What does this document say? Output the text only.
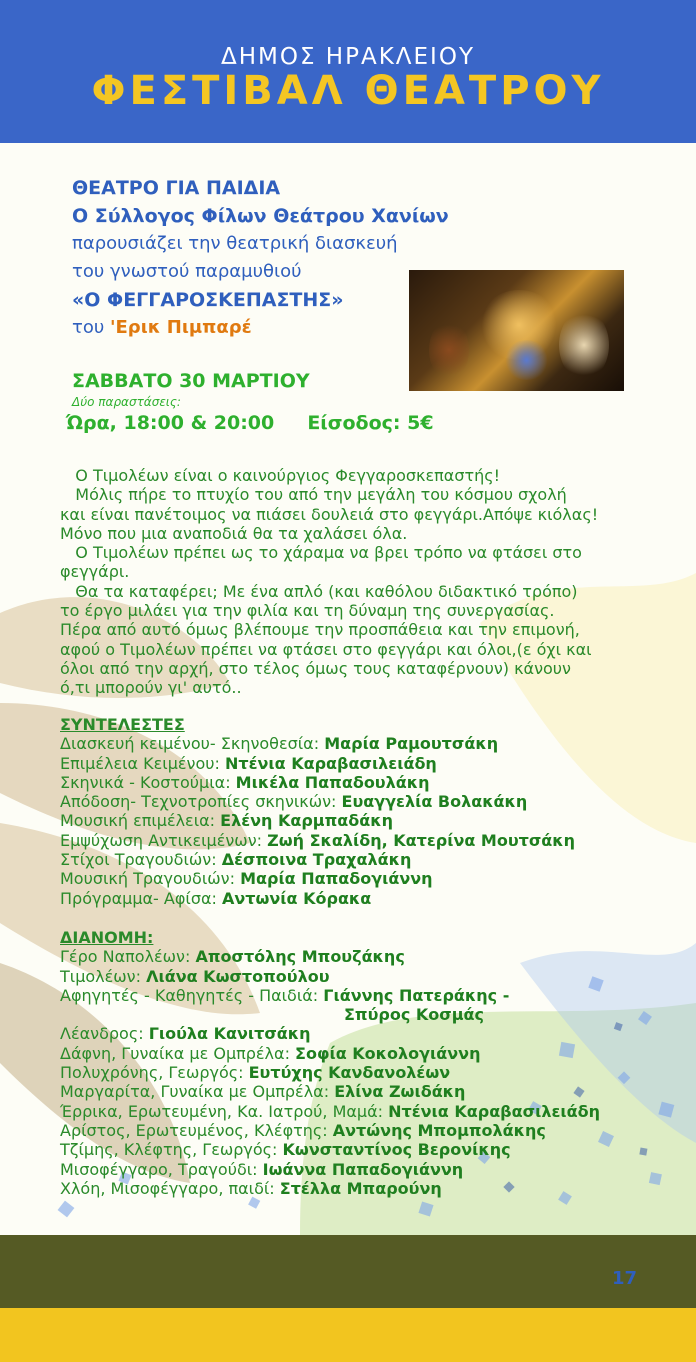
ΔΗΜΟΣ ΗΡΑΚΛΕΙΟΥ
ΦΕΣΤΙΒΑΛ ΘΕΑΤΡΟΥ
ΘΕΑΤΡΟ ΓΙΑ ΠΑΙΔΙΑ
Ο Σύλλογος Φίλων Θεάτρου Χανίων
παρουσιάζει την θεατρική διασκευή
του γνωστού παραμυθιού
«Ο ΦΕΓΓΑΡΟΣΚΕΠΑΣΤΗΣ»
του 'Ερικ Πιμπαρέ
ΣΑΒΒΑΤΟ 30 ΜΑΡΤΙΟΥ
Δύο παραστάσεις:
Ώρα, 18:00 & 20:00 Είσοδος: 5€

Ο Τιμολέων είναι ο καινούργιος Φεγγαροσκεπαστής!

Μόλις πήρε το πτυχίο του από την μεγάλη του κόσμου σχολή

και είναι πανέτοιμος να πιάσει δουλειά στο φεγγάρι.Απόψε κιόλας!

Μόνο που μια αναποδιά θα τα χαλάσει όλα.

Ο Τιμολέων πρέπει ως το χάραμα να βρει τρόπο να φτάσει στο

φεγγάρι.

Θα τα καταφέρει; Με ένα απλό (και καθόλου διδακτικό τρόπο)

το έργο μιλάει για την φιλία και τη δύναμη της συνεργασίας.

Πέρα από αυτό όμως βλέπουμε την προσπάθεια και την επιμονή,

αφού ο Τιμολέων πρέπει να φτάσει στο φεγγάρι και όλοι,(ε όχι και

όλοι από την αρχή, στο τέλος όμως τους καταφέρνουν) κάνουν

ό,τι μπορούν γι' αυτό..

ΣΥΝΤΕΛΕΣΤΕΣ
Διασκευή κειμένου- Σκηνοθεσία: Μαρία Ραμουτσάκη
Επιμέλεια Κειμένου: Ντένια Καραβασιλειάδη
Σκηνικά - Κοστούμια: Μικέλα Παπαδουλάκη
Απόδοση- Τεχνοτροπίες σκηνικών: Ευαγγελία Βολακάκη
Μουσική επιμέλεια: Ελένη Καρμπαδάκη
Εμψύχωση Αντικειμένων: Ζωή Σκαλίδη, Κατερίνα Μουτσάκη
Στίχοι Τραγουδιών: Δέσποινα Τραχαλάκη
Μουσική Τραγουδιών: Μαρία Παπαδογιάννη
Πρόγραμμα- Αφίσα: Αντωνία Κόρακα
ΔΙΑΝΟΜΗ:
Γέρο Ναπολέων: Αποστόλης Μπουζάκης
Τιμολέων: Λιάνα Κωστοπούλου
Αφηγητές - Καθηγητές - Παιδιά: Γιάννης Πατεράκης -
Σπύρος Κοσμάς
Λέανδρος: Γιούλα Κανιτσάκη
Δάφνη, Γυναίκα με Ομπρέλα: Σοφία Κοκολογιάννη
Πολυχρόνης, Γεωργός: Ευτύχης Κανδανολέων
Μαργαρίτα, Γυναίκα με Ομπρέλα: Ελίνα Ζωιδάκη
Έρρικα, Ερωτευμένη, Κα. Ιατρού, Μαμά: Ντένια Καραβασιλειάδη
Αρίστος, Ερωτευμένος, Κλέφτης: Αντώνης Μπομπολάκης
Τζίμης, Κλέφτης, Γεωργός: Κωνσταντίνος Βερονίκης
Μισοφέγγαρο, Τραγούδι: Ιωάννα Παπαδογιάννη
Χλόη, Μισοφέγγαρο, παιδί: Στέλλα Μπαρούνη
17
